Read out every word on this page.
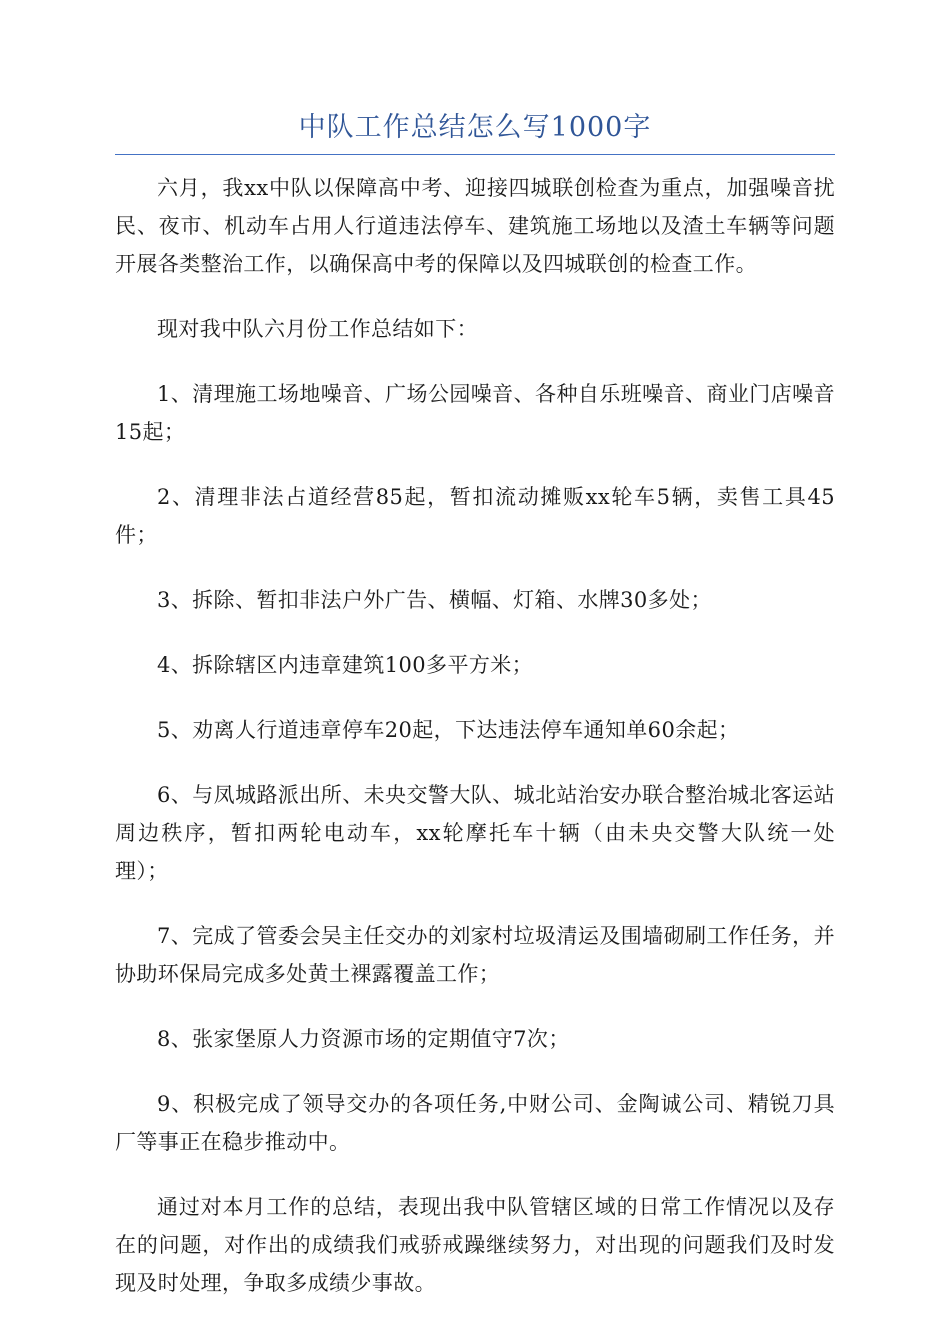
中队工作总结怎么写1000字

六月，我xx中队以保障高中考、迎接四城联创检查为重点，加强噪音扰民、夜市、机动车占用人行道违法停车、建筑施工场地以及渣土车辆等问题开展各类整治工作，以确保高中考的保障以及四城联创的检查工作。

现对我中队六月份工作总结如下：

1、清理施工场地噪音、广场公园噪音、各种自乐班噪音、商业门店噪音15起；

2、清理非法占道经营85起，暂扣流动摊贩xx轮车5辆，卖售工具45件；

3、拆除、暂扣非法户外广告、横幅、灯箱、水牌30多处；

4、拆除辖区内违章建筑100多平方米；

5、劝离人行道违章停车20起，下达违法停车通知单60余起；

6、与凤城路派出所、未央交警大队、城北站治安办联合整治城北客运站周边秩序，暂扣两轮电动车，xx轮摩托车十辆（由未央交警大队统一处理）；

7、完成了管委会吴主任交办的刘家村垃圾清运及围墙砌刷工作任务，并协助环保局完成多处黄土裸露覆盖工作；

8、张家堡原人力资源市场的定期值守7次；

9、积极完成了领导交办的各项任务,中财公司、金陶诚公司、精锐刀具厂等事正在稳步推动中。

通过对本月工作的总结，表现出我中队管辖区域的日常工作情况以及存在的问题，对作出的成绩我们戒骄戒躁继续努力，对出现的问题我们及时发现及时处理，争取多成绩少事故。
